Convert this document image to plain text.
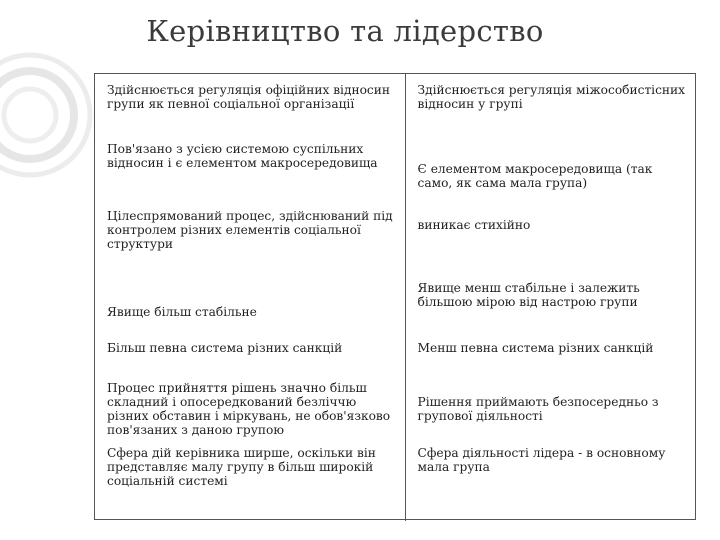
Керівництво та лідерство
Здійснюється регуляція офіційних відносин групи як певної соціальної організації	Здійснюється регуляція міжособистісних відносин у групі
Пов'язано з усією системою суспільних відносин і є елементом макросередовища	Є елементом макросередовища (так само, як сама мала група)
Цілеспрямований процес, здійснюваний під контролем різних елементів соціальної структури	виникає стихійно
Явище більш стабільне	Явище менш стабільне і залежить більшою мірою від настрою групи
Більш певна система різних санкцій	Менш певна система різних санкцій
Процес прийняття рішень значно більш складний і опосередкований безліччю різних обставин і міркувань, не обов'язково пов'язаних з даною групою	Рішення приймають безпосередньо з групової діяльності
Сфера дій керівника ширше, оскільки він представляє малу групу в більш широкій соціальній системі	Сфера діяльності лідера - в основному мала група
